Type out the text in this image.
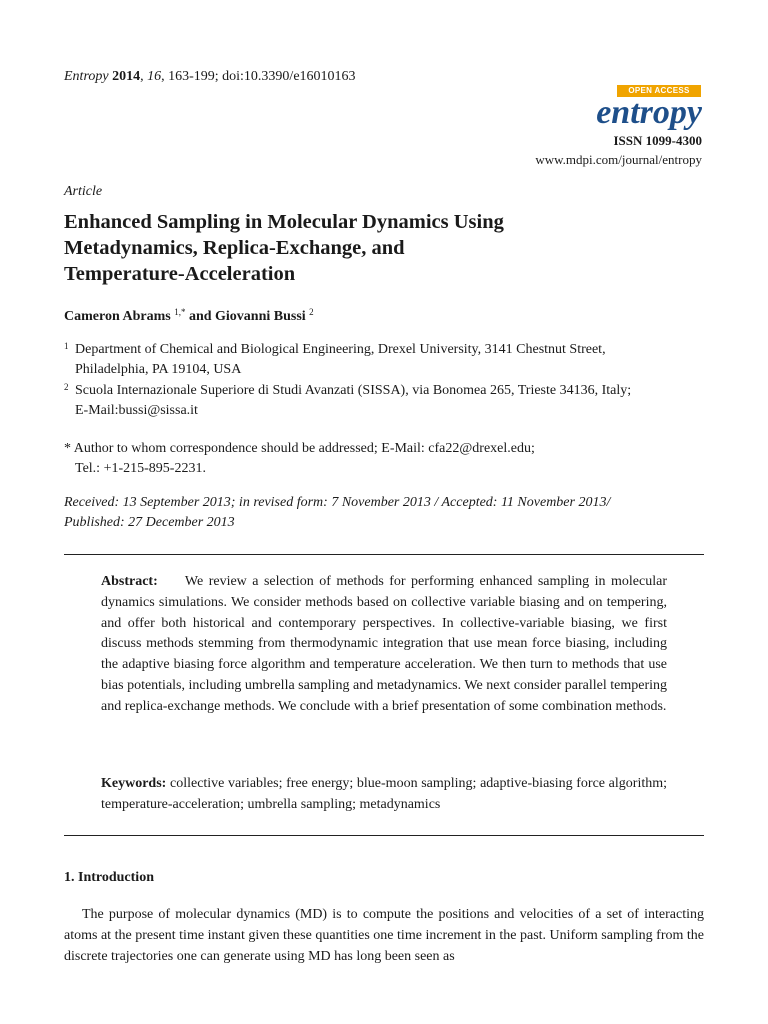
Entropy 2014, 16, 163-199; doi:10.3390/e16010163
OPEN ACCESS
entropy
ISSN 1099-4300
www.mdpi.com/journal/entropy
Article
Enhanced Sampling in Molecular Dynamics Using
Metadynamics, Replica-Exchange, and
Temperature-Acceleration
Cameron Abrams $^{1,*}$ and Giovanni Bussi $^2$
1 Department of Chemical and Biological Engineering, Drexel University, 3141 Chestnut Street,
Philadelphia, PA 19104, USA
2 Scuola Internazionale Superiore di Studi Avanzati (SISSA), via Bonomea 265, Trieste 34136, Italy;
E-Mail:bussi@sissa.it
* Author to whom correspondence should be addressed; E-Mail: cfa22@drexel.edu;
Tel.: +1-215-895-2231.
Received: 13 September 2013; in revised form: 7 November 2013 / Accepted: 11 November 2013/
Published: 27 December 2013
Abstract: We review a selection of methods for performing enhanced sampling in molecular dynamics simulations. We consider methods based on collective variable biasing and on tempering, and offer both historical and contemporary perspectives. In collective-variable biasing, we first discuss methods stemming from thermodynamic integration that use mean force biasing, including the adaptive biasing force algorithm and temperature acceleration. We then turn to methods that use bias potentials, including umbrella sampling and metadynamics. We next consider parallel tempering and replica-exchange methods. We conclude with a brief presentation of some combination methods.
Keywords: collective variables; free energy; blue-moon sampling; adaptive-biasing force algorithm; temperature-acceleration; umbrella sampling; metadynamics
1. Introduction
The purpose of molecular dynamics (MD) is to compute the positions and velocities of a set of interacting atoms at the present time instant given these quantities one time increment in the past. Uniform sampling from the discrete trajectories one can generate using MD has long been seen as
